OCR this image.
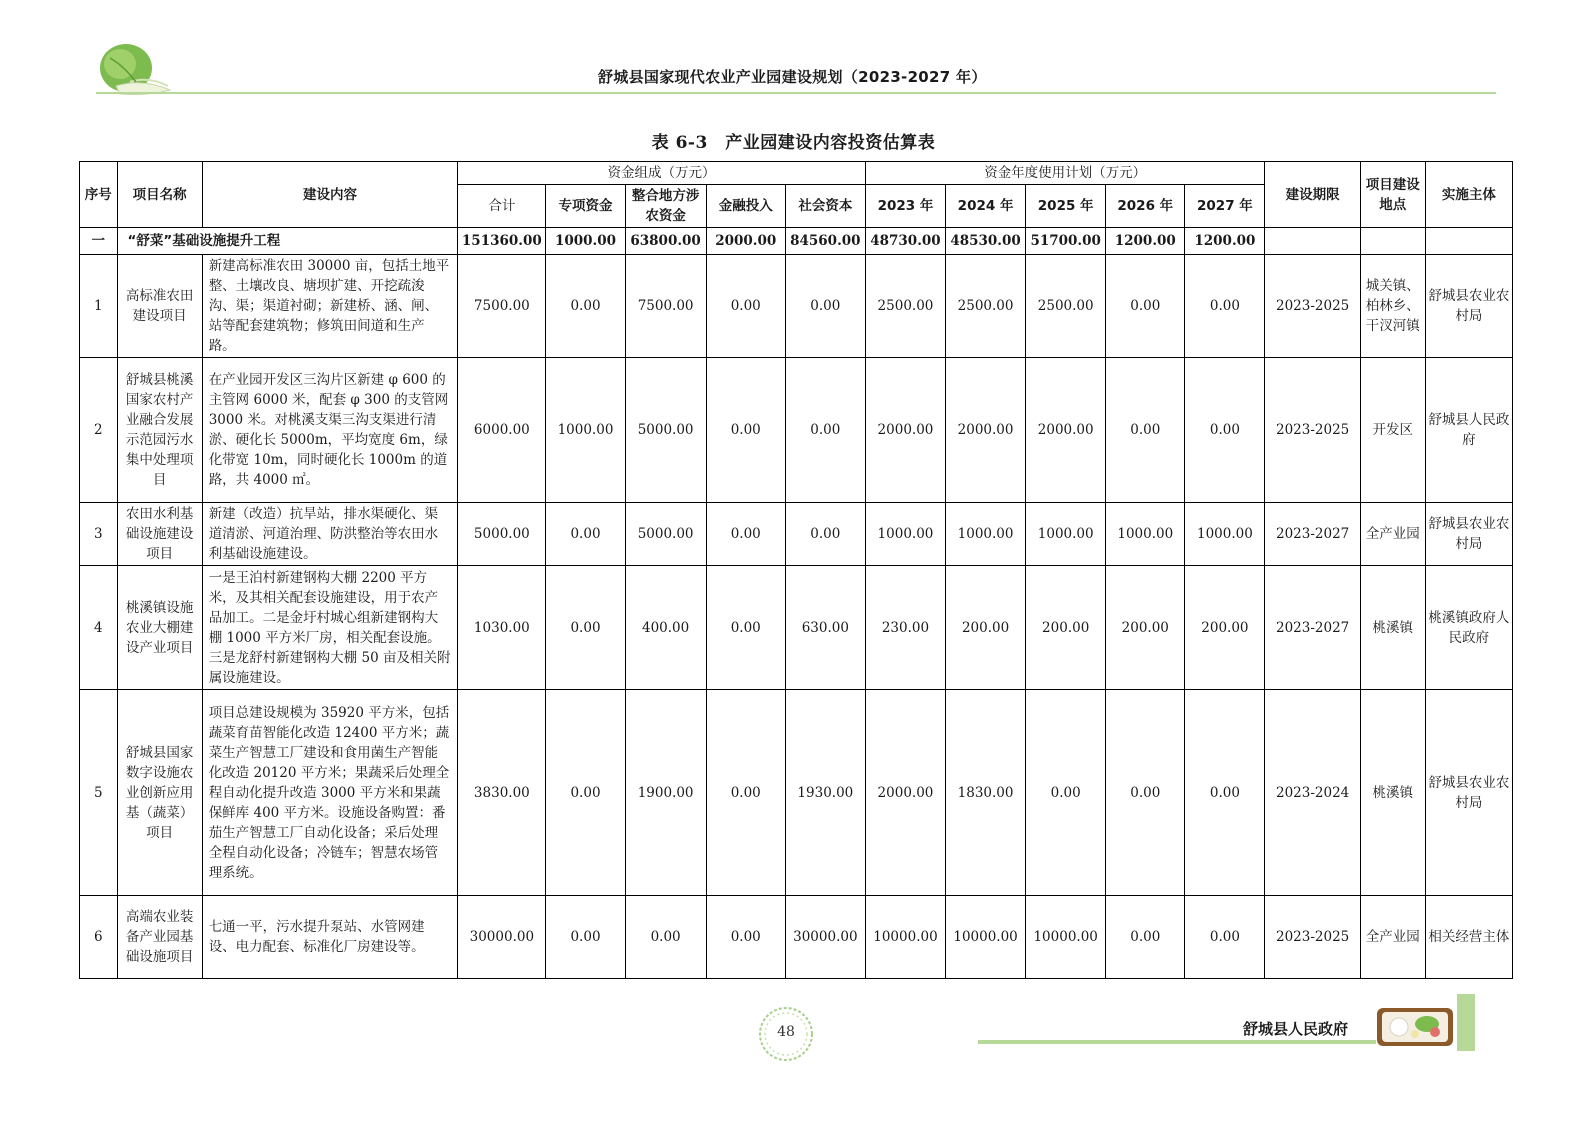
舒城县国家现代农业产业园建设规划（2023-2027 年）
表 6-3　产业园建设内容投资估算表
序号	项目名称	建设内容	资金组成（万元）					资金年度使用计划（万元）					建设期限	项目建设地点	实施主体
			合计	专项资金	整合地方涉农资金	金融投入	社会资本	2023 年	2024 年	2025 年	2026 年	2027 年			
一	“舒菜”基础设施提升工程		151360.00	1000.00	63800.00	2000.00	84560.00	48730.00	48530.00	51700.00	1200.00	1200.00			
1	高标准农田建设项目	新建高标准农田 30000 亩，包括土地平整、土壤改良、塘坝扩建、开挖疏浚沟、渠；渠道衬砌；新建桥、涵、闸、站等配套建筑物；修筑田间道和生产路。	7500.00	0.00	7500.00	0.00	0.00	2500.00	2500.00	2500.00	0.00	0.00	2023-2025	城关镇、柏林乡、干汊河镇	舒城县农业农村局
2	舒城县桃溪国家农村产业融合发展示范园污水集中处理项目	在产业园开发区三沟片区新建 φ 600 的主管网 6000 米，配套 φ 300 的支管网 3000 米。对桃溪支渠三沟支渠进行清淤、硬化长 5000m，平均宽度 6m，绿化带宽 10m，同时硬化长 1000m 的道路，共 4000 ㎡。	6000.00	1000.00	5000.00	0.00	0.00	2000.00	2000.00	2000.00	0.00	0.00	2023-2025	开发区	舒城县人民政府
3	农田水利基础设施建设项目	新建（改造）抗旱站，排水渠硬化、渠道清淤、河道治理、防洪整治等农田水利基础设施建设。	5000.00	0.00	5000.00	0.00	0.00	1000.00	1000.00	1000.00	1000.00	1000.00	2023-2027	全产业园	舒城县农业农村局
4	桃溪镇设施农业大棚建设产业项目	一是王泊村新建钢构大棚 2200 平方米，及其相关配套设施建设，用于农产品加工。二是金圩村城心组新建钢构大棚 1000 平方米厂房，相关配套设施。三是龙舒村新建钢构大棚 50 亩及相关附属设施建设。	1030.00	0.00	400.00	0.00	630.00	230.00	200.00	200.00	200.00	200.00	2023-2027	桃溪镇	桃溪镇政府人民政府
5	舒城县国家数字设施农业创新应用基（蔬菜）项目	项目总建设规模为 35920 平方米，包括蔬菜育苗智能化改造 12400 平方米；蔬菜生产智慧工厂建设和食用菌生产智能化改造 20120 平方米；果蔬采后处理全程自动化提升改造 3000 平方米和果蔬保鲜库 400 平方米。设施设备购置：番茄生产智慧工厂自动化设备；采后处理全程自动化设备；冷链车；智慧农场管理系统。	3830.00	0.00	1900.00	0.00	1930.00	2000.00	1830.00	0.00	0.00	0.00	2023-2024	桃溪镇	舒城县农业农村局
6	高端农业装备产业园基础设施项目	七通一平，污水提升泵站、水管网建设、电力配套、标准化厂房建设等。	30000.00	0.00	0.00	0.00	30000.00	10000.00	10000.00	10000.00	0.00	0.00	2023-2025	全产业园	相关经营主体
48	舒城县人民政府
